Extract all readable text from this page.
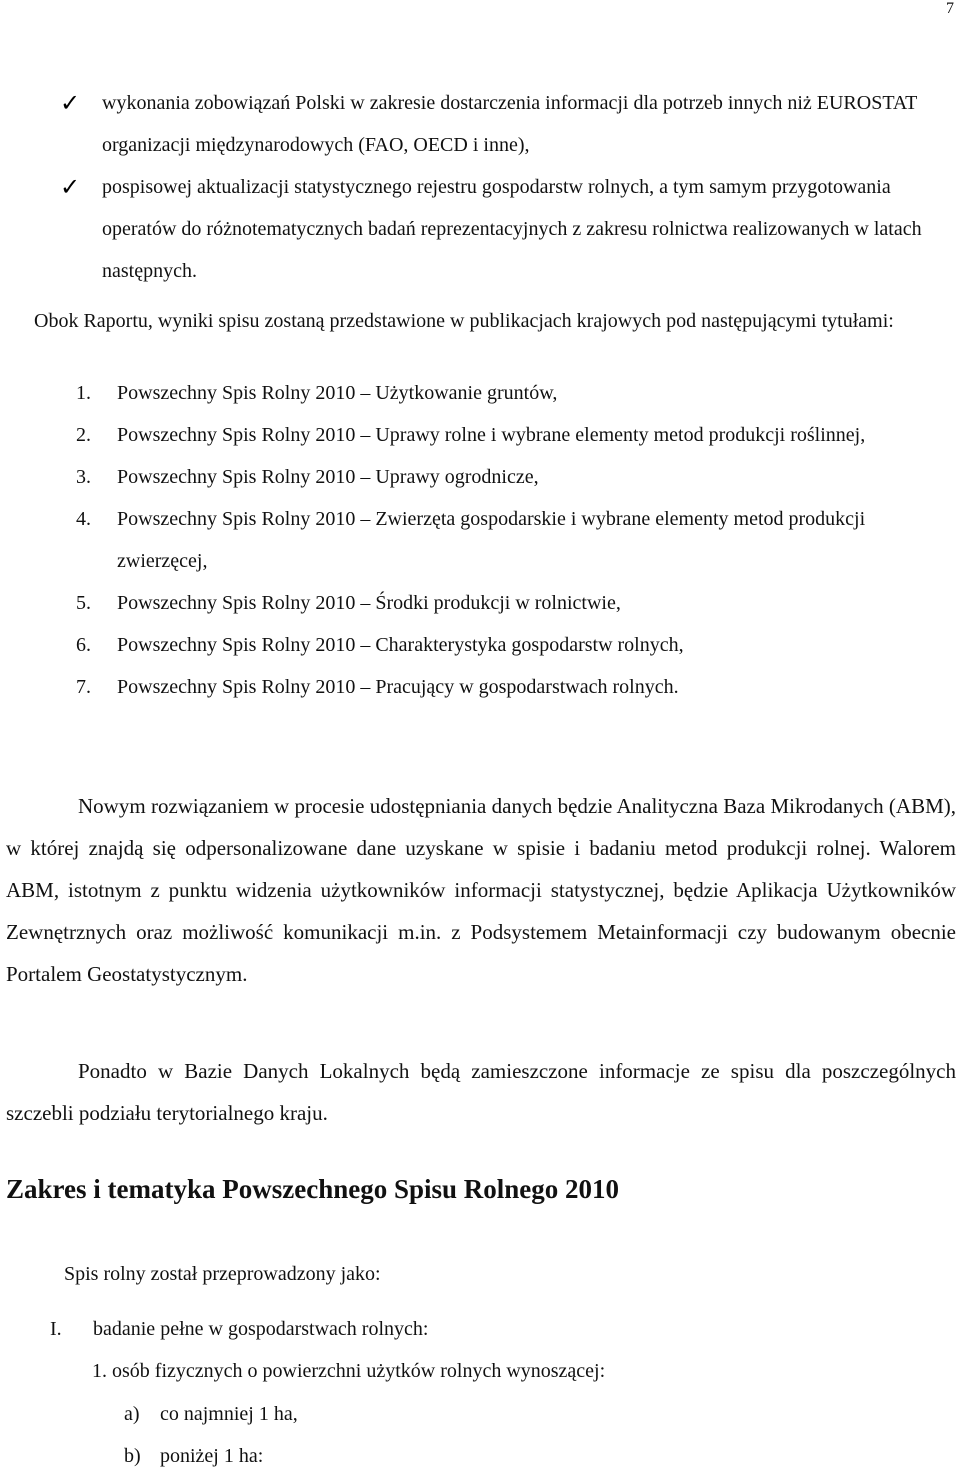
7
✓ wykonania zobowiązań Polski w zakresie dostarczenia informacji dla potrzeb innych niż EUROSTAT organizacji międzynarodowych (FAO, OECD i inne),
✓ pospisowej aktualizacji statystycznego rejestru gospodarstw rolnych, a tym samym przygotowania operatów do różnotematycznych badań reprezentacyjnych z zakresu rolnictwa realizowanych w latach następnych.

Obok Raportu, wyniki spisu zostaną przedstawione w publikacjach krajowych pod następującymi tytułami:

1. Powszechny Spis Rolny 2010 – Użytkowanie gruntów,
2. Powszechny Spis Rolny 2010 – Uprawy rolne i wybrane elementy metod produkcji roślinnej,
3. Powszechny Spis Rolny 2010 – Uprawy ogrodnicze,
4. Powszechny Spis Rolny 2010 – Zwierzęta gospodarskie i wybrane elementy metod produkcji zwierzęcej,
5. Powszechny Spis Rolny 2010 – Środki produkcji w rolnictwie,
6. Powszechny Spis Rolny 2010 – Charakterystyka gospodarstw rolnych,
7. Powszechny Spis Rolny 2010 – Pracujący w gospodarstwach rolnych.

Nowym rozwiązaniem w procesie udostępniania danych będzie Analityczna Baza Mikrodanych (ABM), w której znajdą się odpersonalizowane dane uzyskane w spisie i badaniu metod produkcji rolnej. Walorem ABM, istotnym z punktu widzenia użytkowników informacji statystycznej, będzie Aplikacja Użytkowników Zewnętrznych oraz możliwość komunikacji m.in. z Podsystemem Metainformacji czy budowanym obecnie Portalem Geostatystycznym.

Ponadto w Bazie Danych Lokalnych będą zamieszczone informacje ze spisu dla poszczególnych szczebli podziału terytorialnego kraju.

Zakres i tematyka Powszechnego Spisu Rolnego 2010

Spis rolny został przeprowadzony jako:

I. badanie pełne w gospodarstwach rolnych:
1. osób fizycznych o powierzchni użytków rolnych wynoszącej:
a) co najmniej 1 ha,
b) poniżej 1 ha:
